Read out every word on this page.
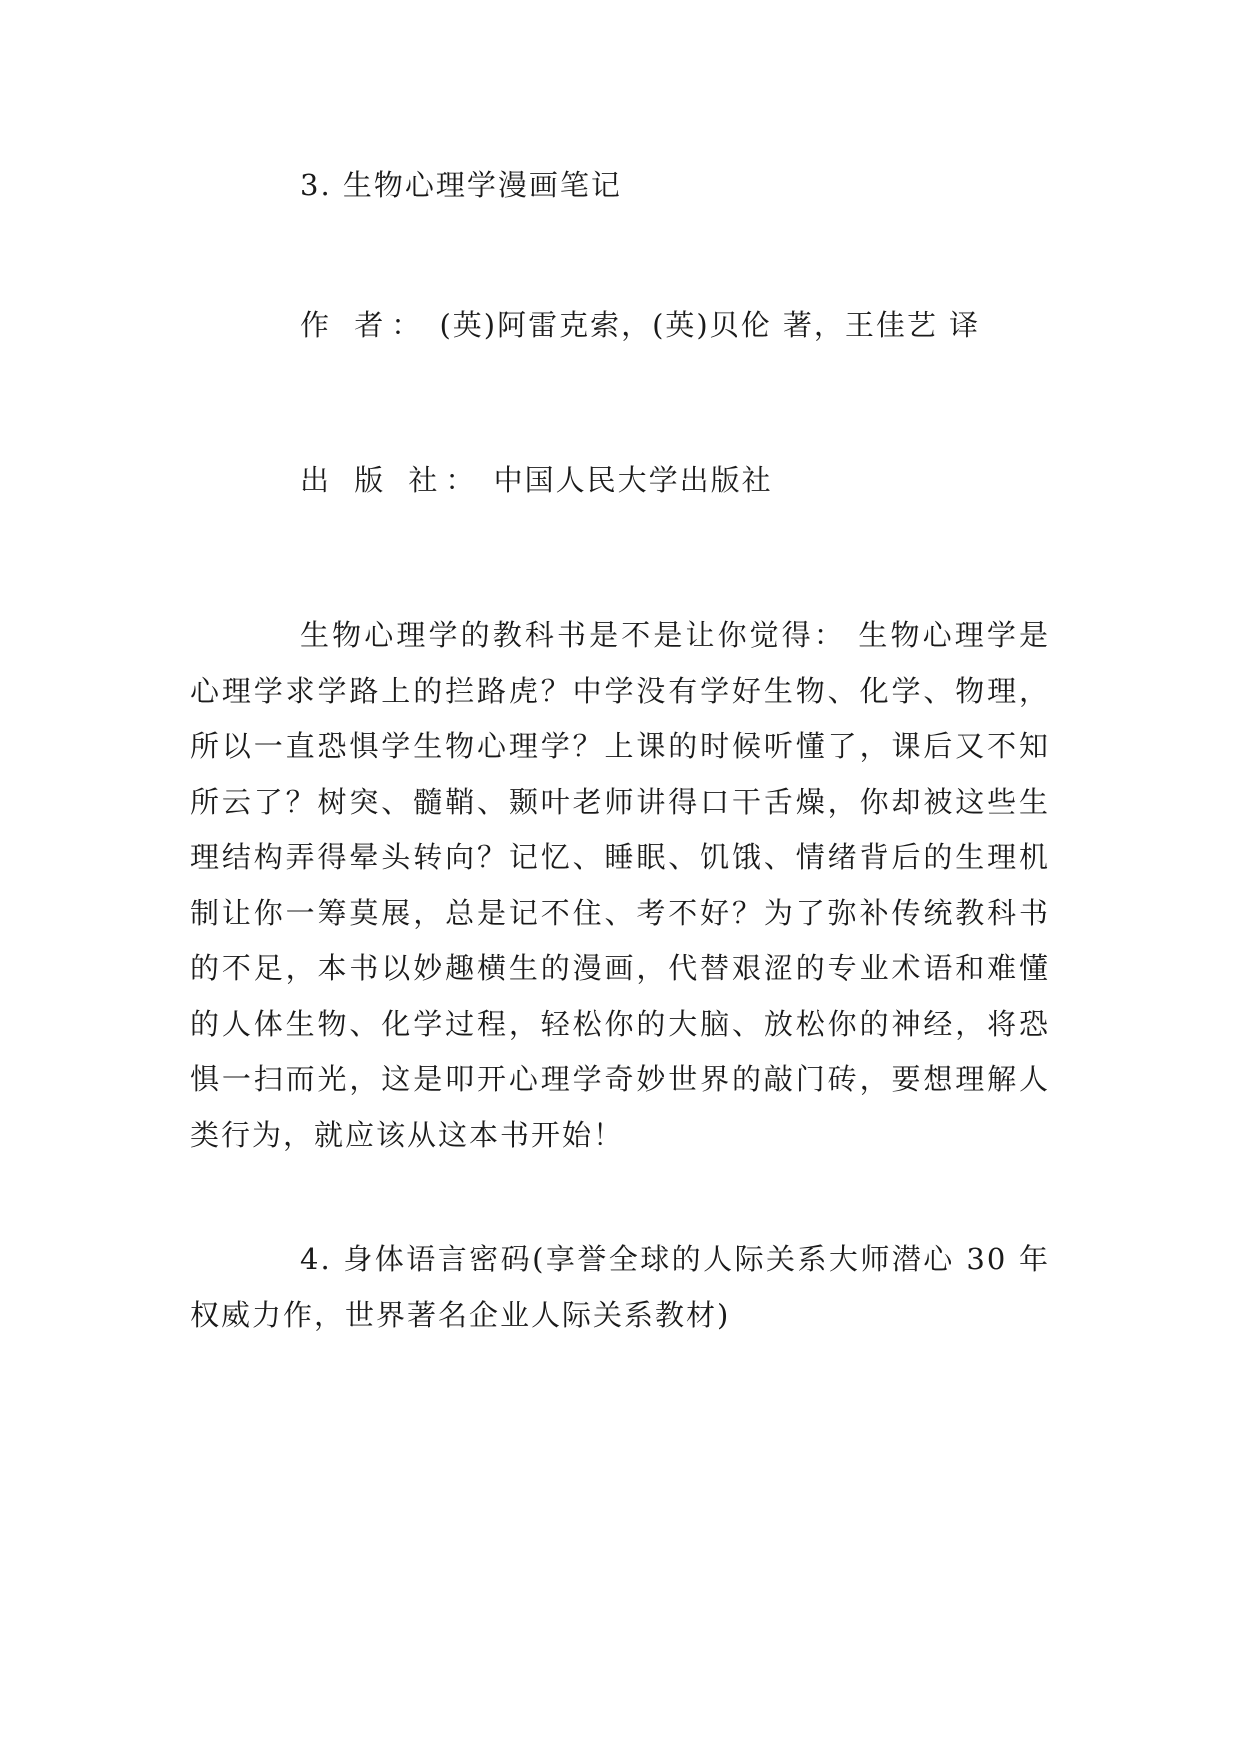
3. 生物心理学漫画笔记

作 者： (英)阿雷克索，(英)贝伦 著，王佳艺 译

出 版 社： 中国人民大学出版社

生物心理学的教科书是不是让你觉得： 生物心理学是心理学求学路上的拦路虎？中学没有学好生物、化学、物理，所以一直恐惧学生物心理学？上课的时候听懂了，课后又不知所云了？树突、髓鞘、颞叶老师讲得口干舌燥，你却被这些生理结构弄得晕头转向？记忆、睡眠、饥饿、情绪背后的生理机制让你一筹莫展，总是记不住、考不好？为了弥补传统教科书的不足，本书以妙趣横生的漫画，代替艰涩的专业术语和难懂的人体生物、化学过程，轻松你的大脑、放松你的神经，将恐惧一扫而光，这是叩开心理学奇妙世界的敲门砖，要想理解人类行为，就应该从这本书开始！

4. 身体语言密码(享誉全球的人际关系大师潜心 30 年权威力作，世界著名企业人际关系教材)
